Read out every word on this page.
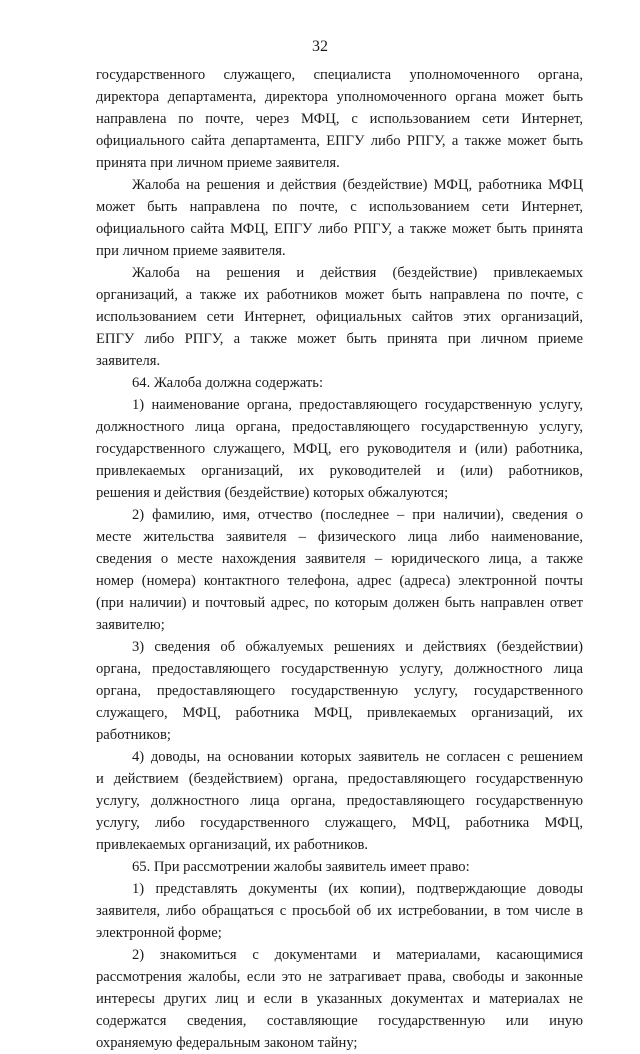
32
государственного служащего, специалиста уполномоченного органа,
директора департамента, директора уполномоченного органа может быть
направлена по почте, через МФЦ, с использованием сети Интернет,
официального сайта департамента, ЕПГУ либо РПГУ, а также может быть
принята при личном приеме заявителя.
Жалоба на решения и действия (бездействие) МФЦ, работника МФЦ
может быть направлена по почте, с использованием сети Интернет,
официального сайта МФЦ, ЕПГУ либо РПГУ, а также может быть принята
при личном приеме заявителя.
Жалоба на решения и действия (бездействие) привлекаемых
организаций, а также их работников может быть направлена по почте, с
использованием сети Интернет, официальных сайтов этих организаций,
ЕПГУ либо РПГУ, а также может быть принята при личном приеме
заявителя.
64. Жалоба должна содержать:
1) наименование органа, предоставляющего государственную услугу,
должностного лица органа, предоставляющего государственную услугу,
государственного служащего, МФЦ, его руководителя и (или) работника,
привлекаемых организаций, их руководителей и (или) работников,
решения и действия (бездействие) которых обжалуются;
2) фамилию, имя, отчество (последнее – при наличии), сведения о
месте жительства заявителя – физического лица либо наименование,
сведения о месте нахождения заявителя – юридического лица, а также
номер (номера) контактного телефона, адрес (адреса) электронной почты
(при наличии) и почтовый адрес, по которым должен быть направлен ответ
заявителю;
3) сведения об обжалуемых решениях и действиях (бездействии)
органа, предоставляющего государственную услугу, должностного лица
органа, предоставляющего государственную услугу, государственного
служащего, МФЦ, работника МФЦ, привлекаемых организаций, их
работников;
4) доводы, на основании которых заявитель не согласен с решением
и действием (бездействием) органа, предоставляющего государственную
услугу, должностного лица органа, предоставляющего государственную
услугу, либо государственного служащего, МФЦ, работника МФЦ,
привлекаемых организаций, их работников.
65. При рассмотрении жалобы заявитель имеет право:
1) представлять документы (их копии), подтверждающие доводы
заявителя, либо обращаться с просьбой об их истребовании, в том числе в
электронной форме;
2) знакомиться с документами и материалами, касающимися
рассмотрения жалобы, если это не затрагивает права, свободы и законные
интересы других лиц и если в указанных документах и материалах не
содержатся сведения, составляющие государственную или иную
охраняемую федеральным законом тайну;
